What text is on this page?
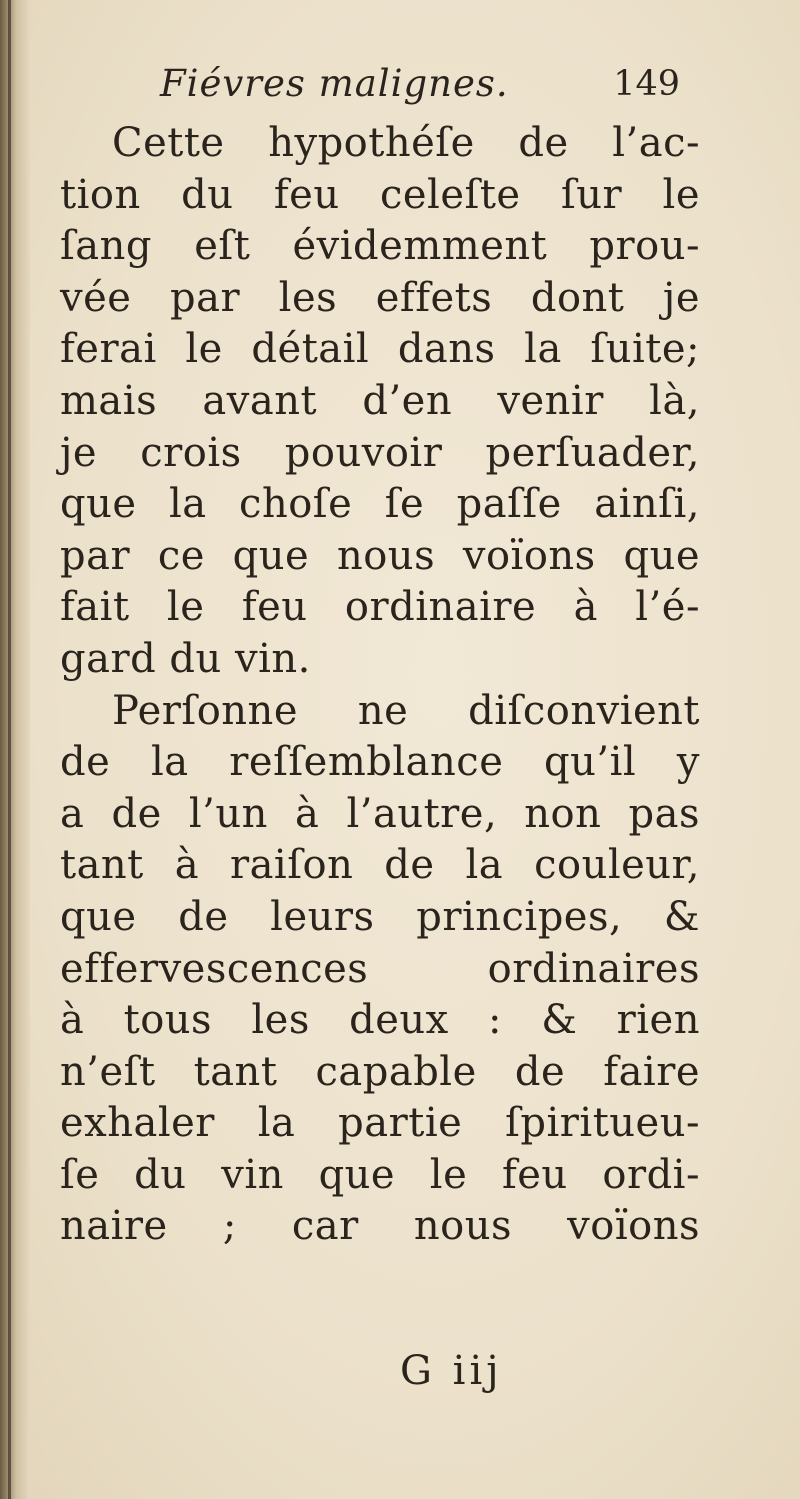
Fiévres malignes.	149
Cette hypothéſe de l’ac-
tion du feu celeſte ſur le
ſang eſt évidemment prou-
vée par les effets dont je
ferai le détail dans la ſuite;
mais avant d’en venir là,
je crois pouvoir perſuader,
que la choſe ſe paſſe ainſi,
par ce que nous voïons que
fait le feu ordinaire à l’é-
gard du vin.
Perſonne ne diſconvient
de la reſſemblance qu’il y
a de l’un à l’autre, non pas
tant à raiſon de la couleur,
que de leurs principes, &
effervescences ordinaires
à tous les deux : & rien
n’eſt tant capable de faire
exhaler la partie ſpiritueu-
ſe du vin que le feu ordi-
naire ; car nous voïons
G iij
